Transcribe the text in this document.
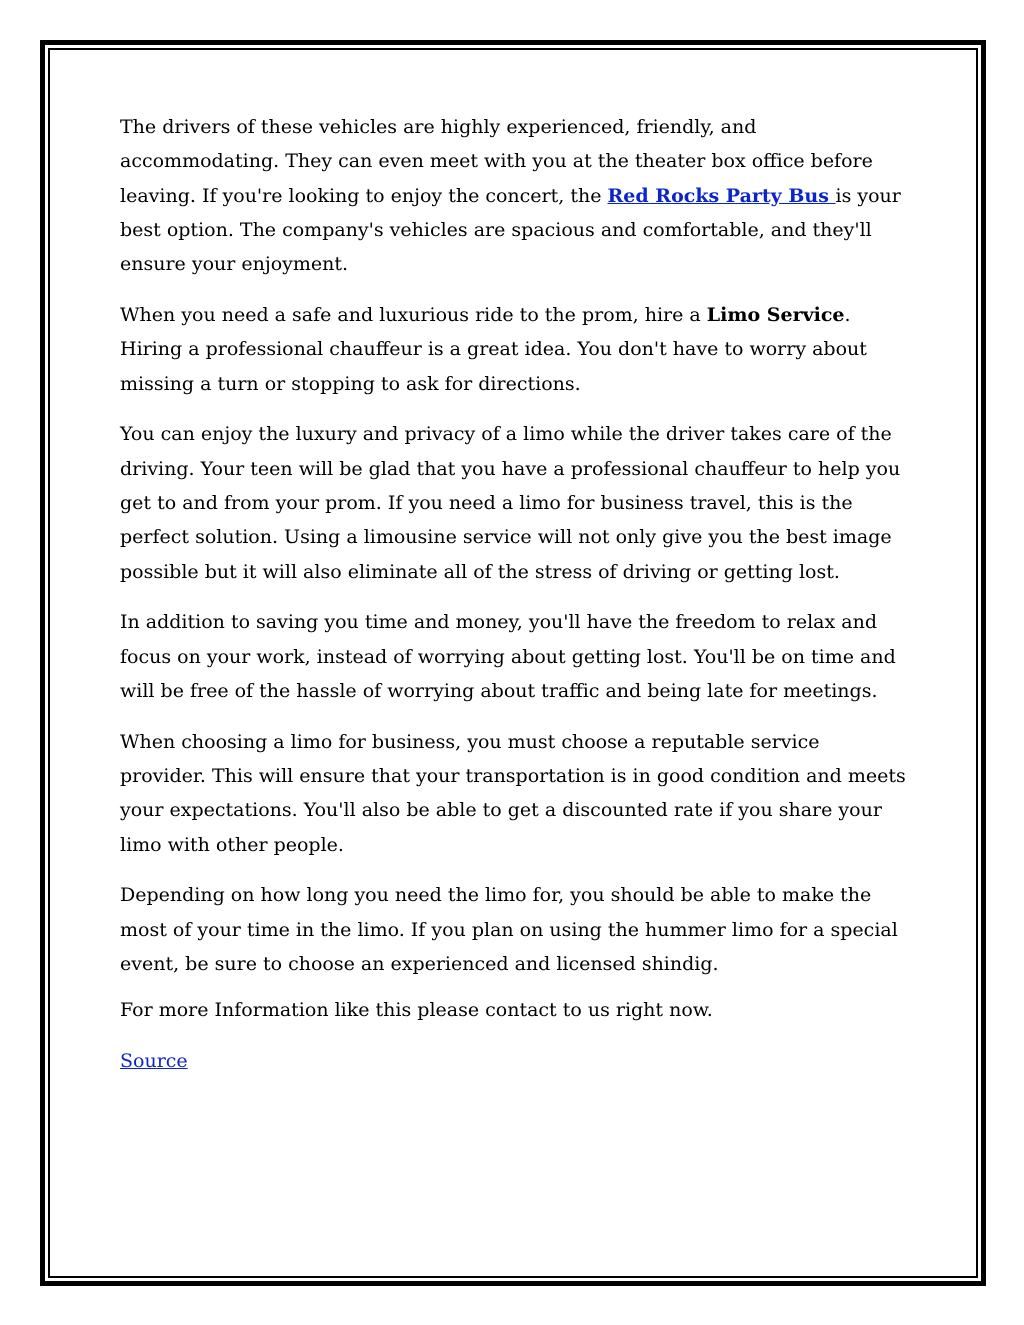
The drivers of these vehicles are highly experienced, friendly, and accommodating. They can even meet with you at the theater box office before leaving. If you're looking to enjoy the concert, the Red Rocks Party Bus is your best option. The company's vehicles are spacious and comfortable, and they'll ensure your enjoyment.

When you need a safe and luxurious ride to the prom, hire a Limo Service. Hiring a professional chauffeur is a great idea. You don't have to worry about missing a turn or stopping to ask for directions.

You can enjoy the luxury and privacy of a limo while the driver takes care of the driving. Your teen will be glad that you have a professional chauffeur to help you get to and from your prom. If you need a limo for business travel, this is the perfect solution. Using a limousine service will not only give you the best image possible but it will also eliminate all of the stress of driving or getting lost.

In addition to saving you time and money, you'll have the freedom to relax and focus on your work, instead of worrying about getting lost. You'll be on time and will be free of the hassle of worrying about traffic and being late for meetings.

When choosing a limo for business, you must choose a reputable service provider. This will ensure that your transportation is in good condition and meets your expectations. You'll also be able to get a discounted rate if you share your limo with other people.

Depending on how long you need the limo for, you should be able to make the most of your time in the limo. If you plan on using the hummer limo for a special event, be sure to choose an experienced and licensed shindig.

For more Information like this please contact to us right now.

Source
